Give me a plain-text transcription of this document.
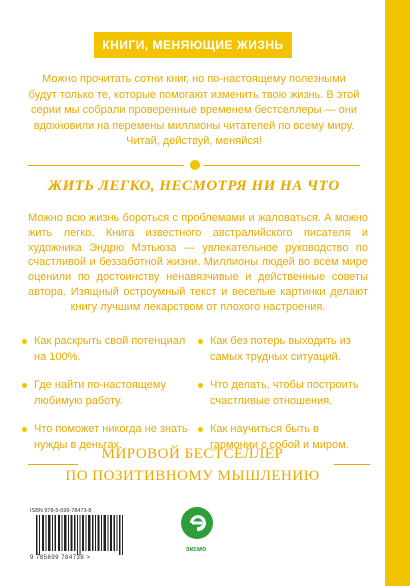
КНИГИ, МЕНЯЮЩИЕ ЖИЗНЬ
Можно прочитать сотни книг, но по-настоящему полезными будут только те, которые помогают изменить твою жизнь. В этой серии мы собрали проверенные временем бестселлеры — они вдохновили на перемены миллионы читателей по всему миру. Читай, действуй, меняйся!
ЖИТЬ ЛЕГКО, НЕСМОТРЯ НИ НА ЧТО
Можно всю жизнь бороться с проблемами и жаловаться. А можно жить легко. Книга известного австралийского писателя и художника Эндрю Мэтьюза — увлекательное руководство по счастливой и беззаботной жизни. Миллионы людей во всем мире оценили по достоинству ненавязчивые и действенные советы автора. Изящный остроумный текст и веселые картинки делают книгу лучшим лекарством от плохого настроения.
Как раскрыть свой потенциал на 100%.
Где найти по-настоящему любимую работу.
Что поможет никогда не знать нужды в деньгах.
Как без потерь выходить из самых трудных ситуаций.
Что делать, чтобы построить счастливые отношения.
Как научиться быть в гармонии с собой и миром.
МИРОВОЙ БЕСТСЕЛЛЕР
ПО ПОЗИТИВНОМУ МЫШЛЕНИЮ
ISBN 978-5-699-78473-8
9 785699 784738 >
эксмо
